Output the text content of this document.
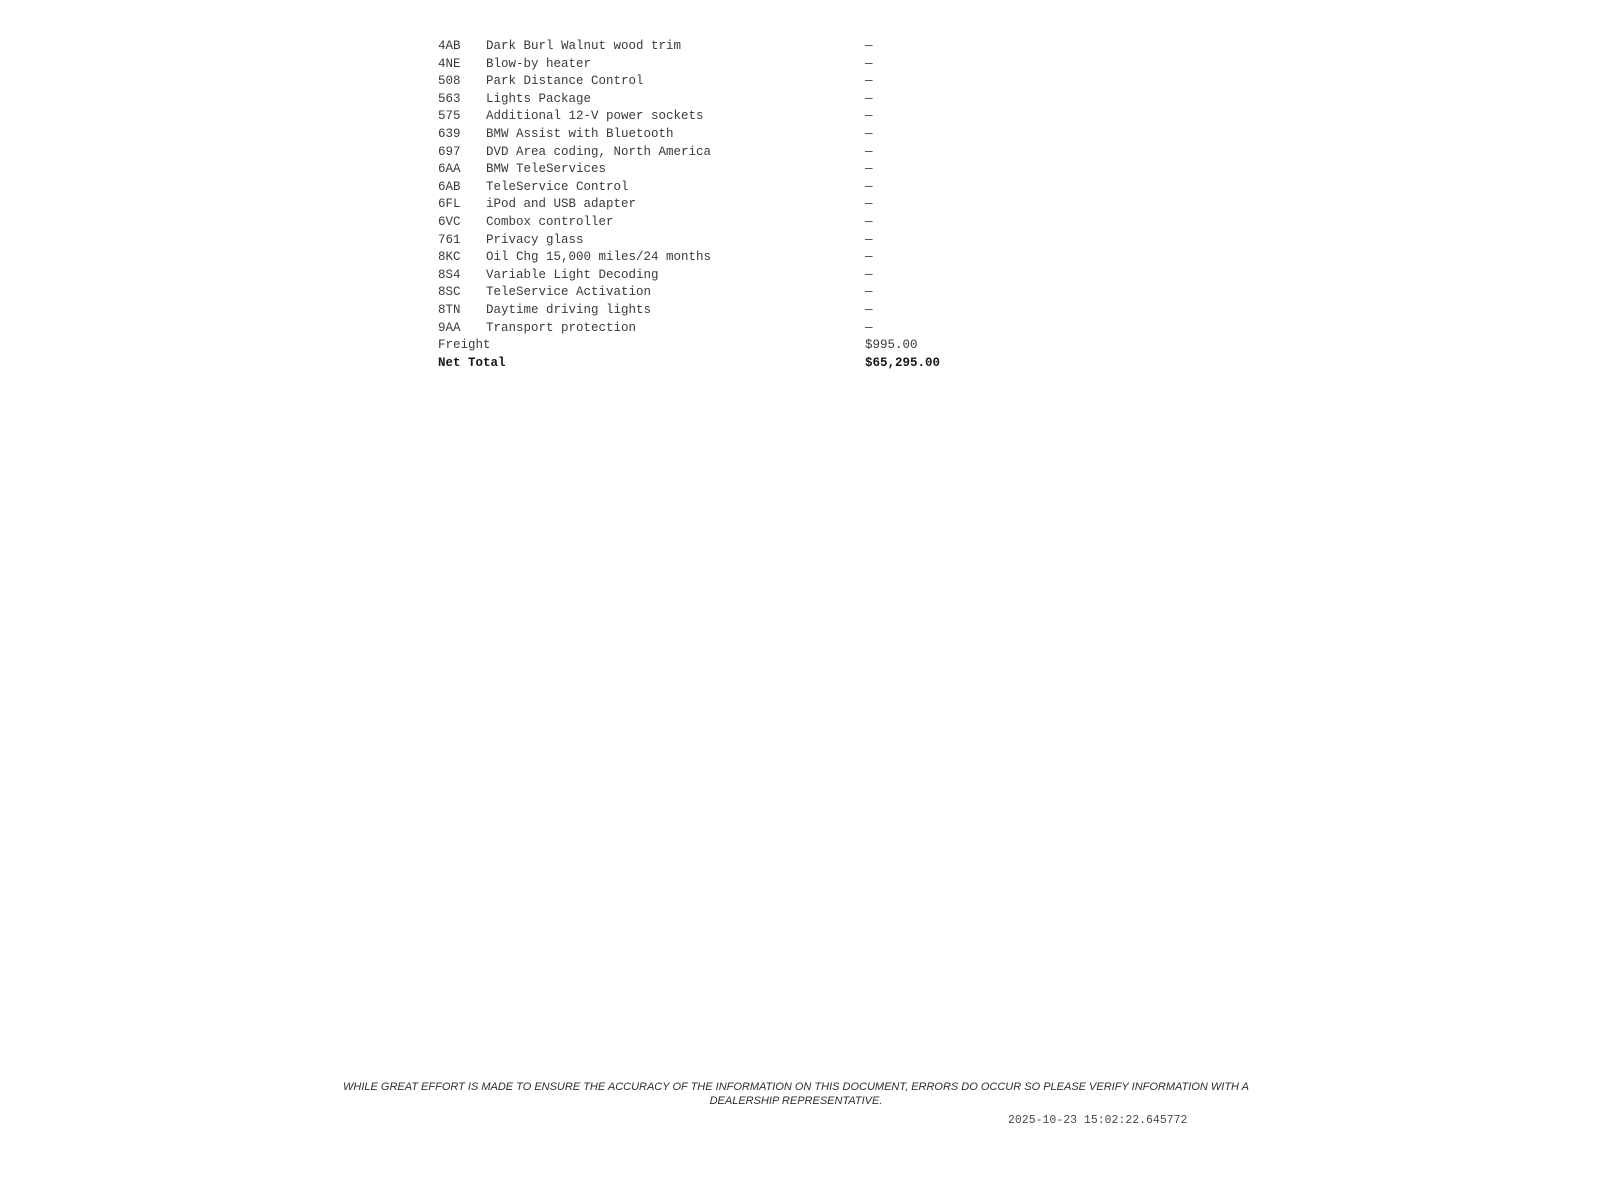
4AB	Dark Burl Walnut wood trim	—
4NE	Blow-by heater	—
508	Park Distance Control	—
563	Lights Package	—
575	Additional 12-V power sockets	—
639	BMW Assist with Bluetooth	—
697	DVD Area coding, North America	—
6AA	BMW TeleServices	—
6AB	TeleService Control	—
6FL	iPod and USB adapter	—
6VC	Combox controller	—
761	Privacy glass	—
8KC	Oil Chg 15,000 miles/24 months	—
8S4	Variable Light Decoding	—
8SC	TeleService Activation	—
8TN	Daytime driving lights	—
9AA	Transport protection	—
Freight	$995.00
Net Total	$65,295.00
WHILE GREAT EFFORT IS MADE TO ENSURE THE ACCURACY OF THE INFORMATION ON THIS DOCUMENT, ERRORS DO OCCUR SO PLEASE VERIFY INFORMATION WITH A
DEALERSHIP REPRESENTATIVE.
2025-10-23 15:02:22.645772
